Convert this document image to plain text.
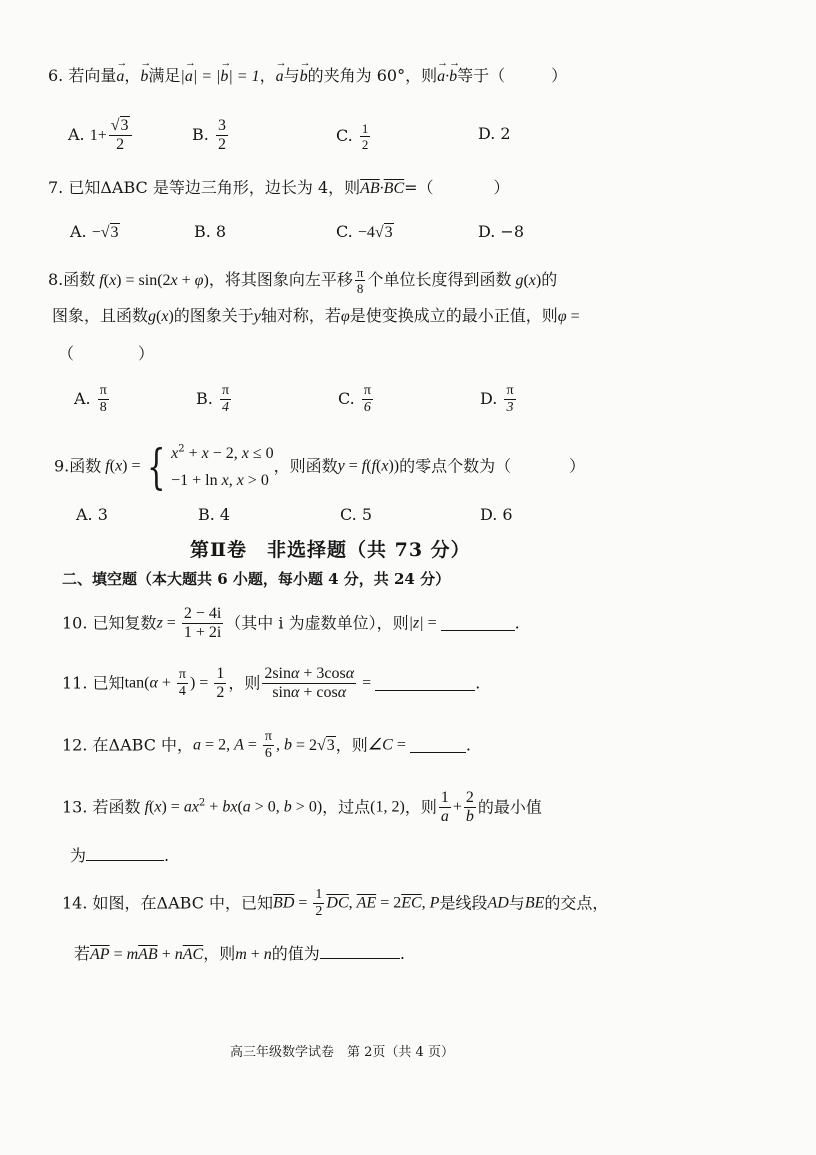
6. 若向量→ a，→ b满足|→ a| = |→ b| = 1，→ a与→ b的夹角为 60°，则→ a·→ b等于（	）
A. $1+ \frac{√3}{2}$	B. $\frac{3}{2}$	C. $\frac{1}{2}$	D. 2
7. 已知ΔABC 是等边三角形，边长为 4，则$\overline{AB}\cdot\overline{BC}=$（	）
A. −√3	B. 8	C. −4√3	D. −8
8.函数 f(x) = sin(2x + φ)，将其图象向左平移 $\frac{\pi}{8}$ 个单位长度得到函数 g(x)的
图象，且函数g(x)的图象关于y轴对称，若φ是使变换成立的最小正值，则φ =
（	）
A. $\frac{\pi}{8}$	B. $\frac{\pi}{4}$	C. $\frac{\pi}{6}$	D. $\frac{\pi}{3}$
9.函数 f(x) = { $x^2 + x - 2$, x ≤ 0
−1 + ln x, x > 0，则函数y = f(f(x))的零点个数为（	）
A. 3	B. 4	C. 5	D. 6
第Ⅱ卷　非选择题（共 73 分）
二、填空题（本大题共 6 小题，每小题 4 分，共 24 分）
10. 已知复数$z = \frac{2 - 4i}{1 + 2i}$ （其中 i 为虚数单位），则|z| =	.
11. 已知$\tan(\alpha + \frac{\pi}{4}$ ) = $\frac{1}{2}$ ，则 $\frac{2\sin\alpha + 3\cos\alpha}{\sin\alpha + \cos\alpha}$ =	.
12. 在ΔABC 中，a = 2, $A = \frac{\pi}{6}$ , b = 2√3，则∠C =	.
13. 若函数 $f(x) = ax^2 + bx(a > 0$, b > 0)，过点(1, 2)，则 $\frac{1}{a} + \frac{2}{b}$ 的最小值
为	.
14. 如图，在ΔABC 中，已知$\overline{BD} = \frac{1}{2} \overline{DC}$, $\overline{AE} = 2\overline{EC}$, P是线段AD与BE的交点，
若$\overline{AP} = m\overline{AB} + n\overline{AC}$，则m + n的值为	.
高三年级数学试卷　第 2页（共 4 页）
